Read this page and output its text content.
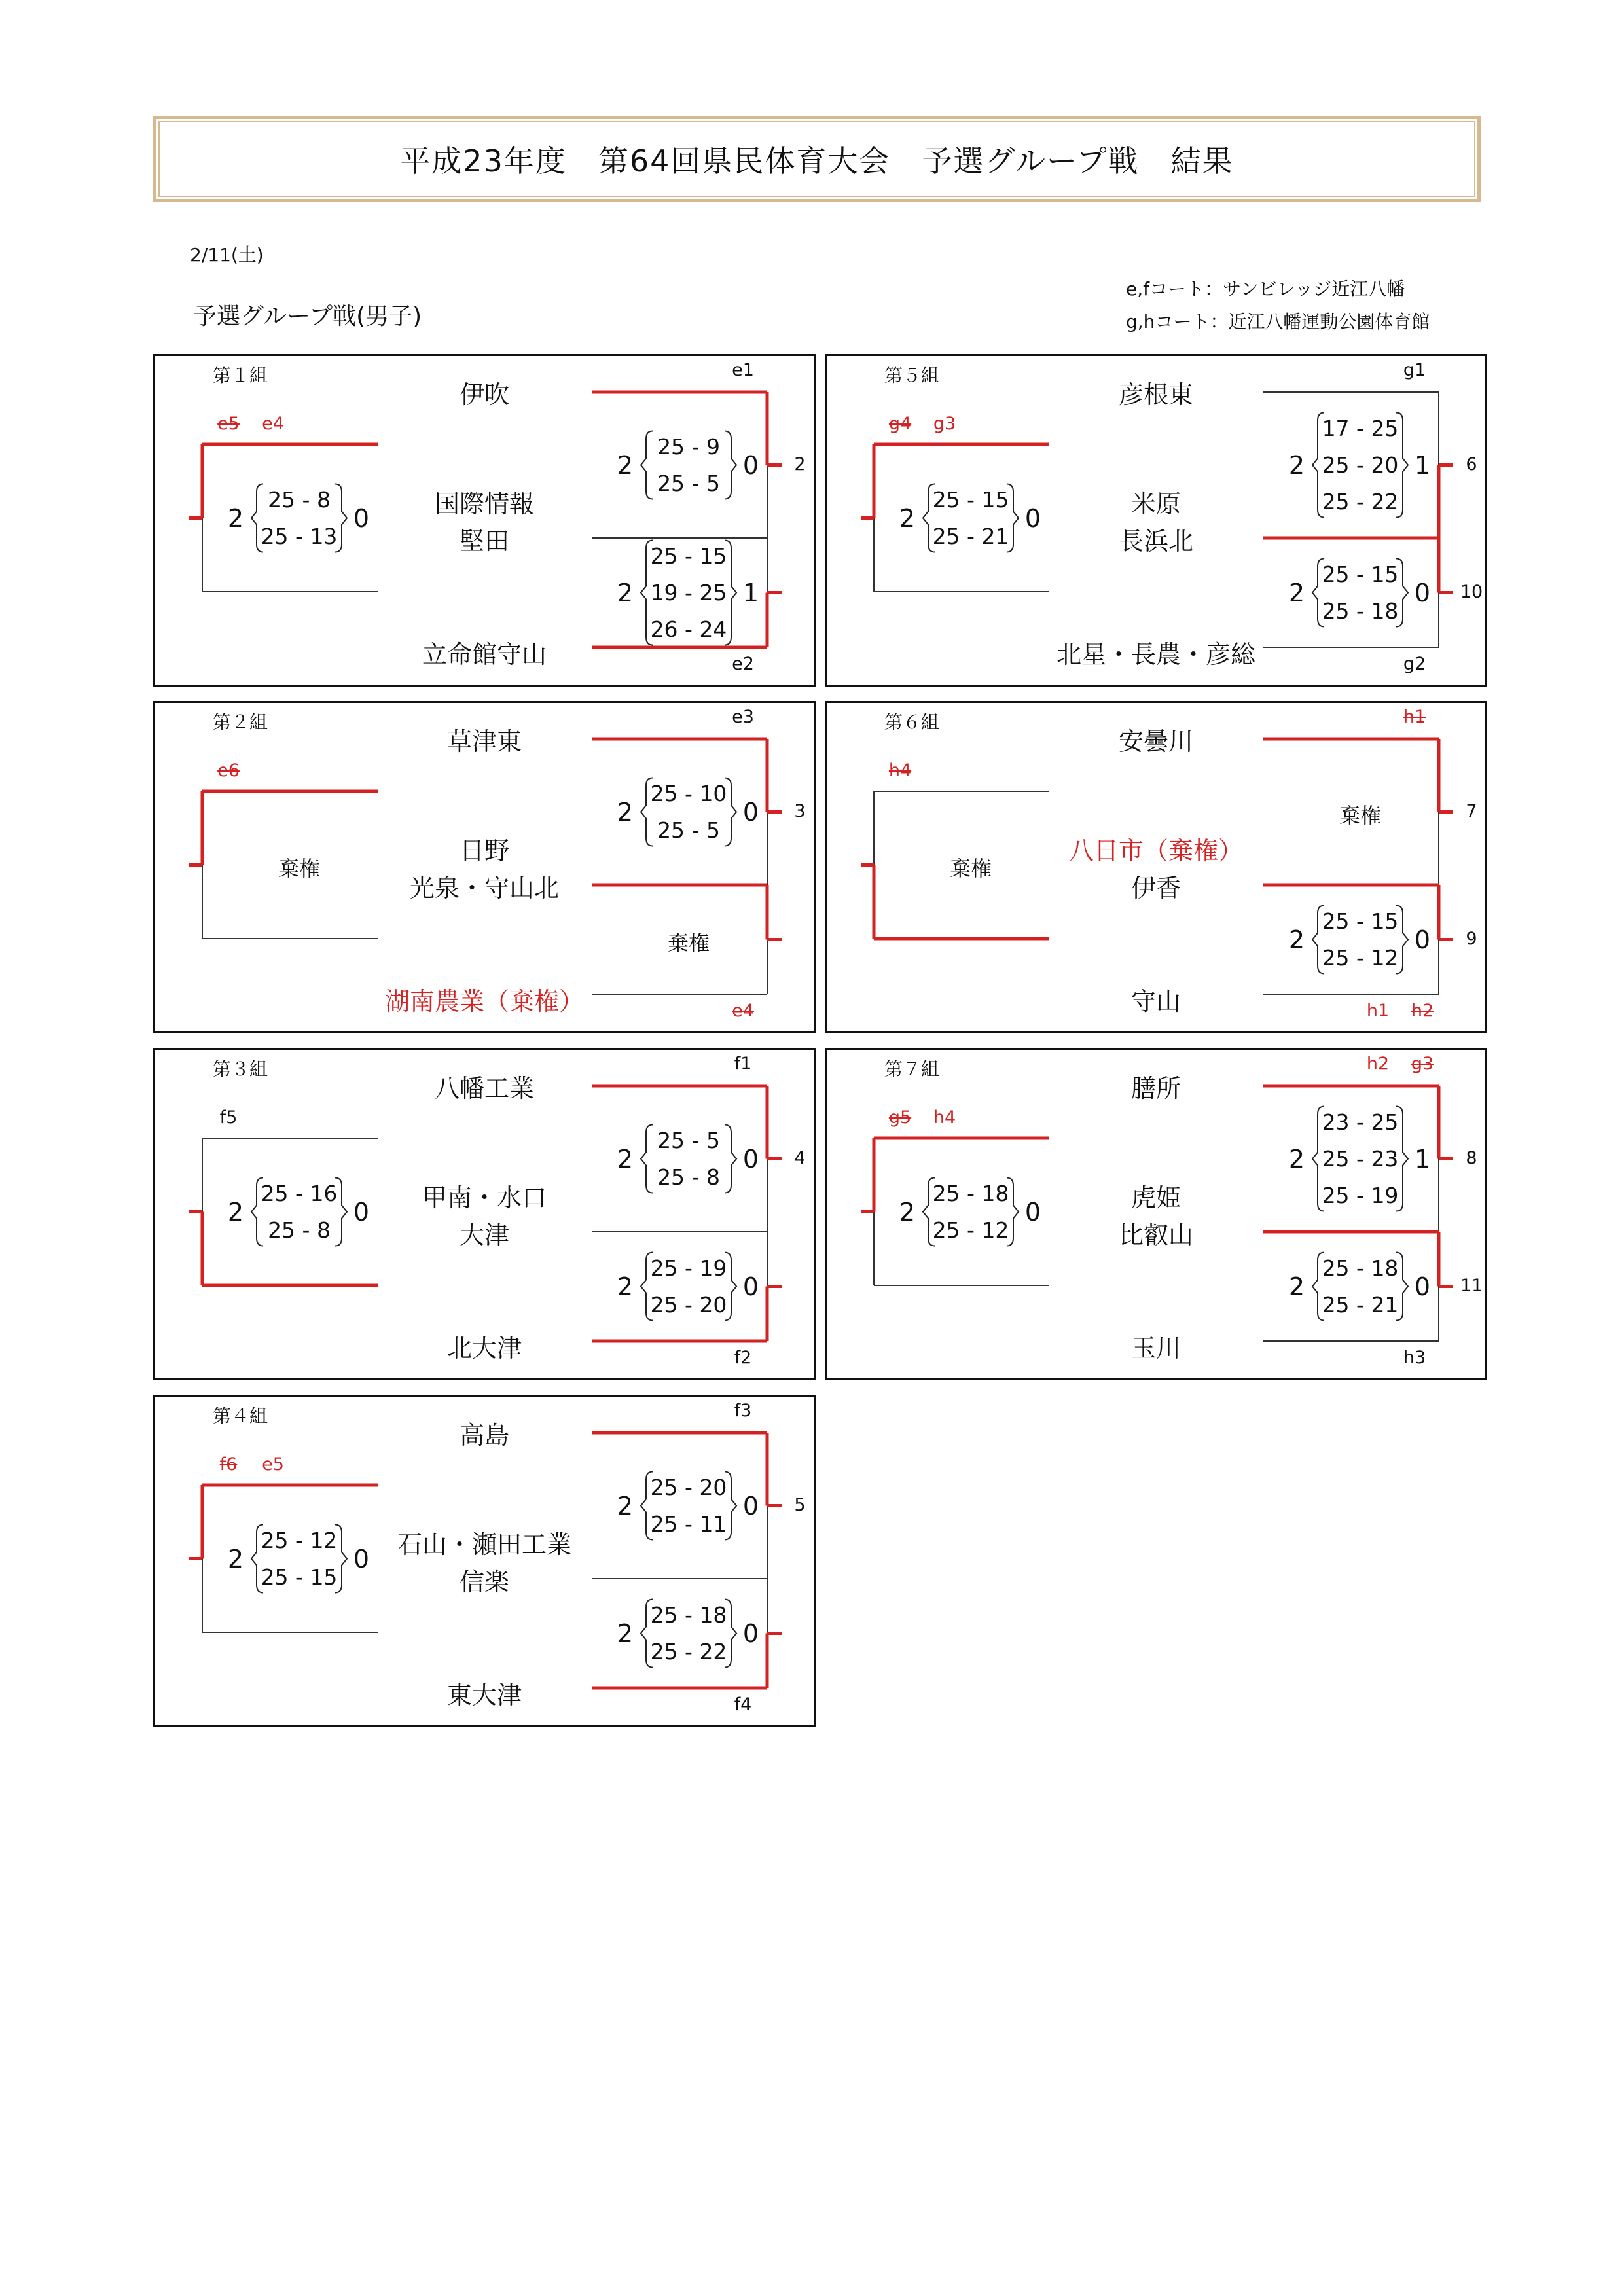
平成23年度　第64回県民体育大会　予選グループ戦　結果
2/11(土)
予選グループ戦(男子)
e,fコート：サンビレッジ近江八幡
g,hコート：近江八幡運動公園体育館
第１組
伊吹
国際情報
堅田
立命館守山
25 - 8
25 - 13
2	0
25 - 9
25 - 5
2	0
25 - 15
19 - 25
26 - 24
2	1
2
e1
e2
e5 e4
第２組
草津東
日野
光泉・守山北
湖南農業（棄権）
棄権
25 - 10
25 - 5
2	0
棄権
3
e3
e6
e4
第３組
八幡工業
甲南・水口
大津
北大津
25 - 16
25 - 8
2	0
25 - 5
25 - 8
2	0
25 - 19
25 - 20
2	0
4
f1
f2
f5
第４組
高島
石山・瀬田工業
信楽
東大津
25 - 12
25 - 15
2	0
25 - 20
25 - 11
2	0
25 - 18
25 - 22
2	0
5
f3
f4
f6 e5
第５組
彦根東
米原
長浜北
北星・長農・彦総
25 - 15
25 - 21
2	0
17 - 25
25 - 20
25 - 22
2	1
25 - 15
25 - 18
2	0
6
10
g1
g2
g4 g3
第６組
安曇川
八日市（棄権）
伊香
守山
棄権
棄権
25 - 15
25 - 12
2	0
7
9
h1
h4
h1 h2
第７組
膳所
虎姫
比叡山
玉川
25 - 18
25 - 12
2	0
23 - 25
25 - 23
25 - 19
2	1
25 - 18
25 - 21
2	0
8
11
h3
g5 h4
h2 g3
